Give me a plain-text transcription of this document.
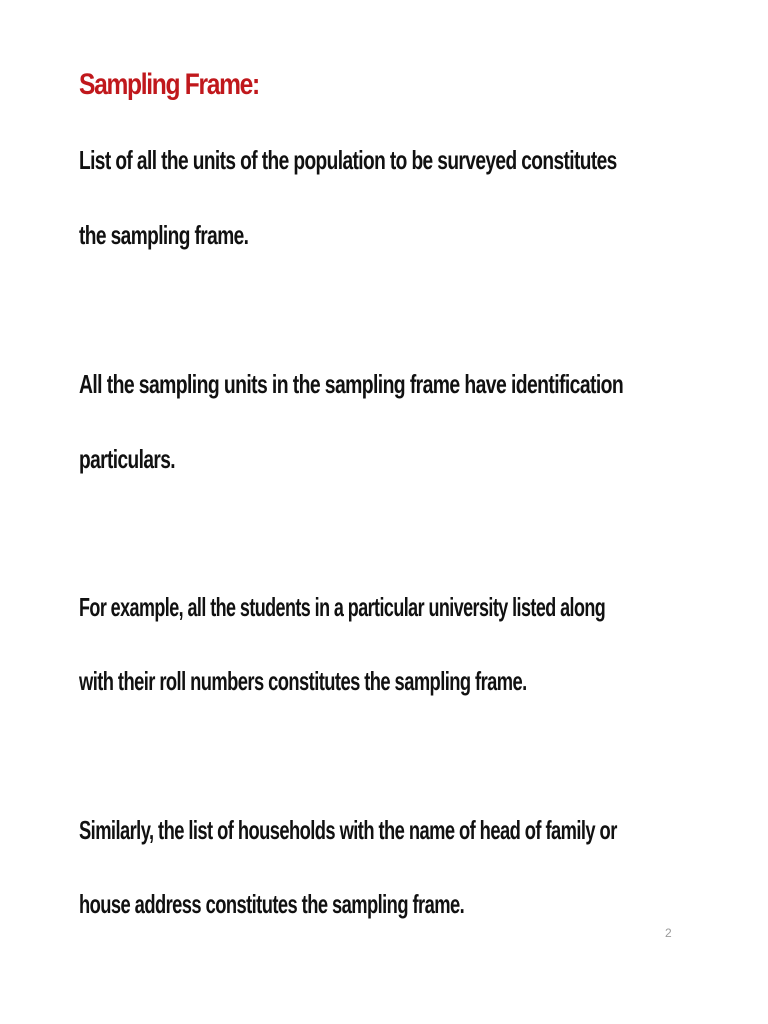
Sampling Frame:
List of all the units of the population to be surveyed constitutes
the sampling frame.
All the sampling units in the sampling frame have identification
particulars.
For example, all the students in a particular university listed along
with their roll numbers constitutes the sampling frame.
Similarly, the list of households with the name of head of family or
house address constitutes the sampling frame.
2
